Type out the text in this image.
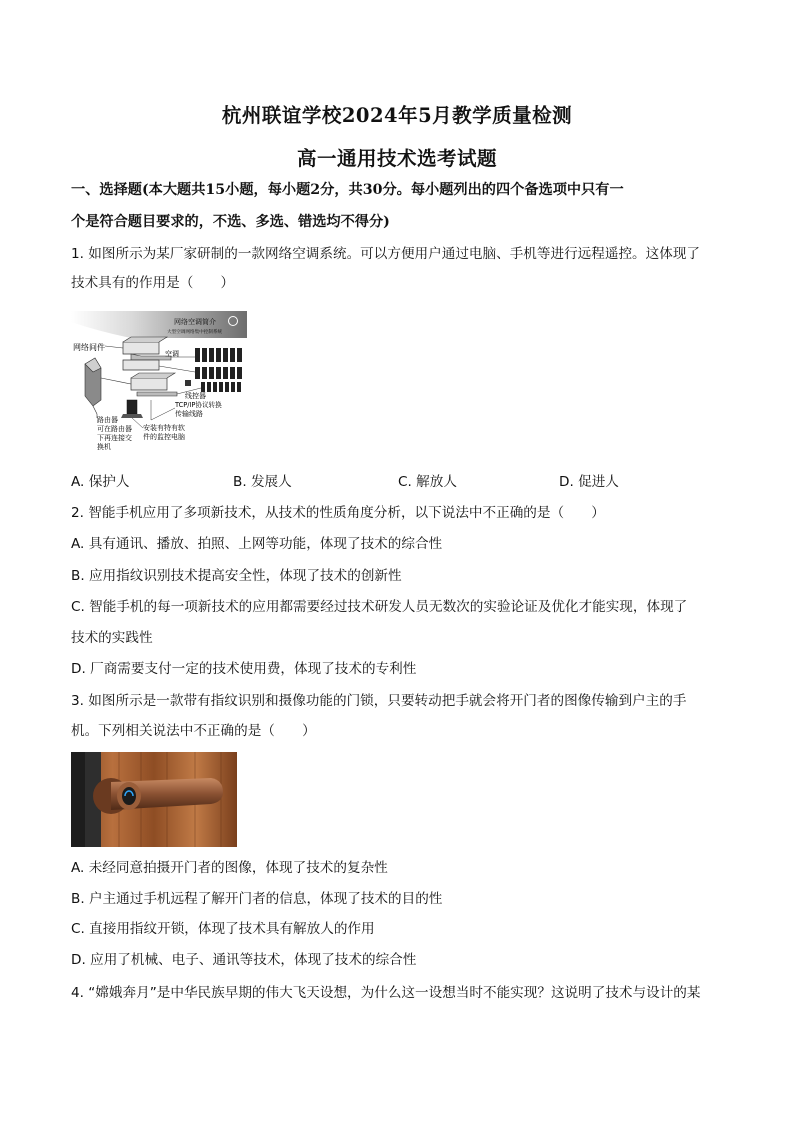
杭州联谊学校2024年5月教学质量检测
高一通用技术选考试题
一、选择题(本大题共15小题，每小题2分，共30分。每小题列出的四个备选项中只有一
个是符合题目要求的，不选、多选、错选均不得分)
1. 如图所示为某厂家研制的一款网络空调系统。可以方便用户通过电脑、手机等进行远程遥控。这体现了
技术具有的作用是（　　）
网络空调简介
大型空调网络集中控制系统
网络间件
空调
线控器
TCP/IP协议转换
传输线路
路由器
可在路由器
下再连接交
换机
安装有特有软
件的监控电脑
A. 保护人	B. 发展人	C. 解放人	D. 促进人
2. 智能手机应用了多项新技术，从技术的性质角度分析，以下说法中不正确的是（　　）
A. 具有通讯、播放、拍照、上网等功能，体现了技术的综合性
B. 应用指纹识别技术提高安全性，体现了技术的创新性
C. 智能手机的每一项新技术的应用都需要经过技术研发人员无数次的实验论证及优化才能实现，体现了
技术的实践性
D. 厂商需要支付一定的技术使用费，体现了技术的专利性
3. 如图所示是一款带有指纹识别和摄像功能的门锁，只要转动把手就会将开门者的图像传输到户主的手
机。下列相关说法中不正确的是（　　）
A. 未经同意拍摄开门者的图像，体现了技术的复杂性
B. 户主通过手机远程了解开门者的信息，体现了技术的目的性
C. 直接用指纹开锁，体现了技术具有解放人的作用
D. 应用了机械、电子、通讯等技术，体现了技术的综合性
4. “嫦娥奔月”是中华民族早期的伟大飞天设想，为什么这一设想当时不能实现？这说明了技术与设计的某
